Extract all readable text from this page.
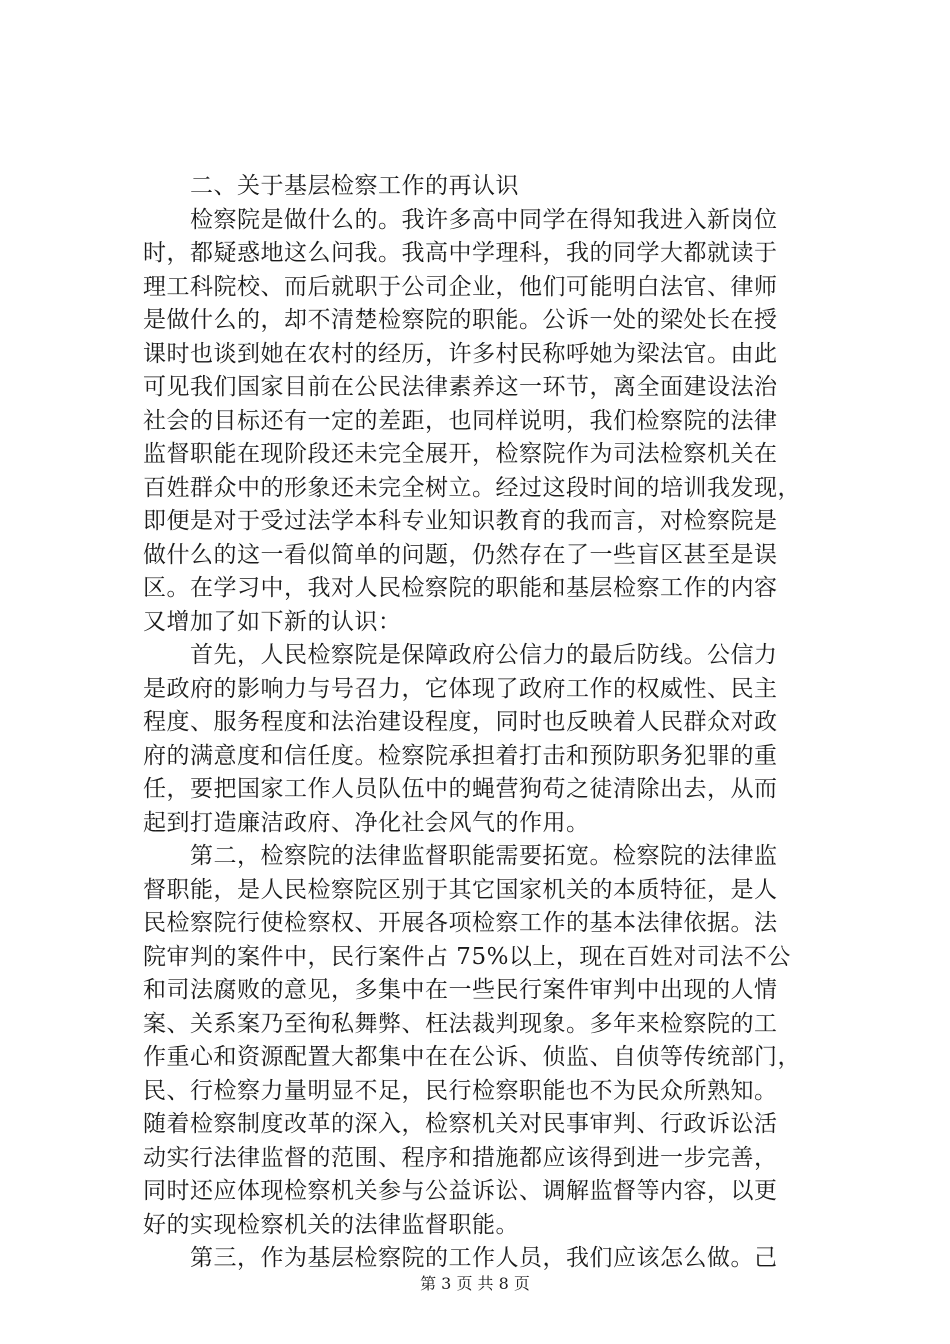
二、关于基层检察工作的再认识
检察院是做什么的。我许多高中同学在得知我进入新岗位
时，都疑惑地这么问我。我高中学理科，我的同学大都就读于
理工科院校、而后就职于公司企业，他们可能明白法官、律师
是做什么的，却不清楚检察院的职能。公诉一处的梁处长在授
课时也谈到她在农村的经历，许多村民称呼她为梁法官。由此
可见我们国家目前在公民法律素养这一环节，离全面建设法治
社会的目标还有一定的差距，也同样说明，我们检察院的法律
监督职能在现阶段还未完全展开，检察院作为司法检察机关在
百姓群众中的形象还未完全树立。经过这段时间的培训我发现，
即便是对于受过法学本科专业知识教育的我而言，对检察院是
做什么的这一看似简单的问题，仍然存在了一些盲区甚至是误
区。在学习中，我对人民检察院的职能和基层检察工作的内容
又增加了如下新的认识：
首先，人民检察院是保障政府公信力的最后防线。公信力
是政府的影响力与号召力，它体现了政府工作的权威性、民主
程度、服务程度和法治建设程度，同时也反映着人民群众对政
府的满意度和信任度。检察院承担着打击和预防职务犯罪的重
任，要把国家工作人员队伍中的蝇营狗苟之徒清除出去，从而
起到打造廉洁政府、净化社会风气的作用。
第二，检察院的法律监督职能需要拓宽。检察院的法律监
督职能，是人民检察院区别于其它国家机关的本质特征，是人
民检察院行使检察权、开展各项检察工作的基本法律依据。法
院审判的案件中，民行案件占 75%以上，现在百姓对司法不公
和司法腐败的意见，多集中在一些民行案件审判中出现的人情
案、关系案乃至徇私舞弊、枉法裁判现象。多年来检察院的工
作重心和资源配置大都集中在在公诉、侦监、自侦等传统部门，
民、行检察力量明显不足，民行检察职能也不为民众所熟知。
随着检察制度改革的深入，检察机关对民事审判、行政诉讼活
动实行法律监督的范围、程序和措施都应该得到进一步完善，
同时还应体现检察机关参与公益诉讼、调解监督等内容，以更
好的实现检察机关的法律监督职能。
第三，作为基层检察院的工作人员，我们应该怎么做。己
第 3 页 共 8 页
